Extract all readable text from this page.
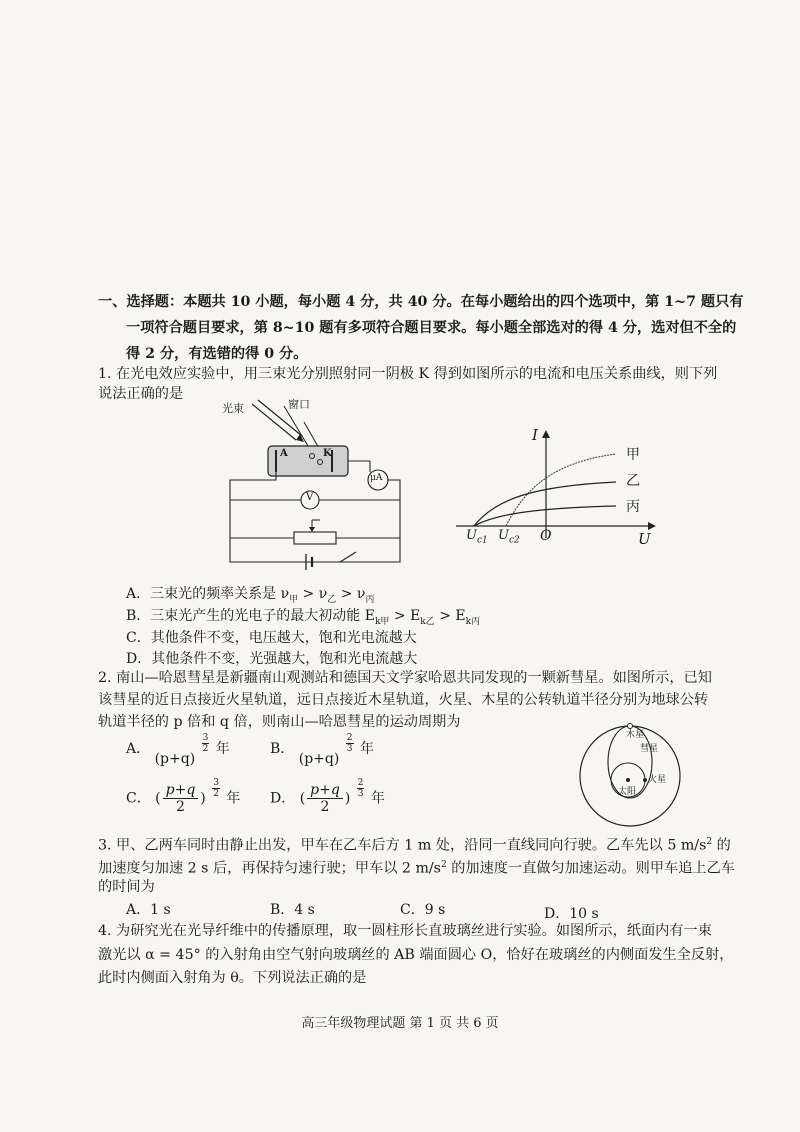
一、选择题：本题共 10 小题，每小题 4 分，共 40 分。在每小题给出的四个选项中，第 1~7 题只有
一项符合题目要求，第 8~10 题有多项符合题目要求。每小题全部选对的得 4 分，选对但不全的
得 2 分，有选错的得 0 分。
1. 在光电效应实验中，用三束光分别照射同一阴极 K 得到如图所示的电流和电压关系曲线，则下列
说法正确的是
光束	窗口
A	K
μA
V
I
U
O
$U_{c1}$ $U_{c2}$
甲
乙
丙
A．三束光的频率关系是 $\nu_甲 > \nu_乙 > \nu_丙$
B．三束光产生的光电子的最大初动能 $E_{k甲} > E_{k乙} > E_{k丙}$
C．其他条件不变，电压越大，饱和光电流越大
D．其他条件不变，光强越大，饱和光电流越大
2. 南山—哈恩彗星是新疆南山观测站和德国天文学家哈恩共同发现的一颗新彗星。如图所示，已知
该彗星的近日点接近火星轨道，远日点接近木星轨道，火星、木星的公转轨道半径分别为地球公转
轨道半径的 p 倍和 q 倍，则南山—哈恩彗星的运动周期为
木星
彗星
火星
太阳
A． (p+q)
$\frac{3}{2}$ 年	B． (p+q)
$\frac{2}{3}$ 年
C． ( $\frac{p+q}{2}$ ) $\frac{3}{2}$ 年 D． ( $\frac{p+q}{2}$ ) $\frac{2}{3}$ 年
3. 甲、乙两车同时由静止出发，甲车在乙车后方 1 m 处，沿同一直线同向行驶。乙车先以 5 $m/s^2$ 的
加速度匀加速 2 s 后，再保持匀速行驶；甲车以 2 $m/s^2$ 的加速度一直做匀加速运动。则甲车追上乙车
的时间为
A．1 s	B．4 s	C．9 s	D．10 s
4. 为研究光在光导纤维中的传播原理，取一圆柱形长直玻璃丝进行实验。如图所示，纸面内有一束
激光以 α = 45° 的入射角由空气射向玻璃丝的 AB 端面圆心 O，恰好在玻璃丝的内侧面发生全反射，
此时内侧面入射角为 θ。下列说法正确的是
高三年级物理试题 第 1 页 共 6 页
